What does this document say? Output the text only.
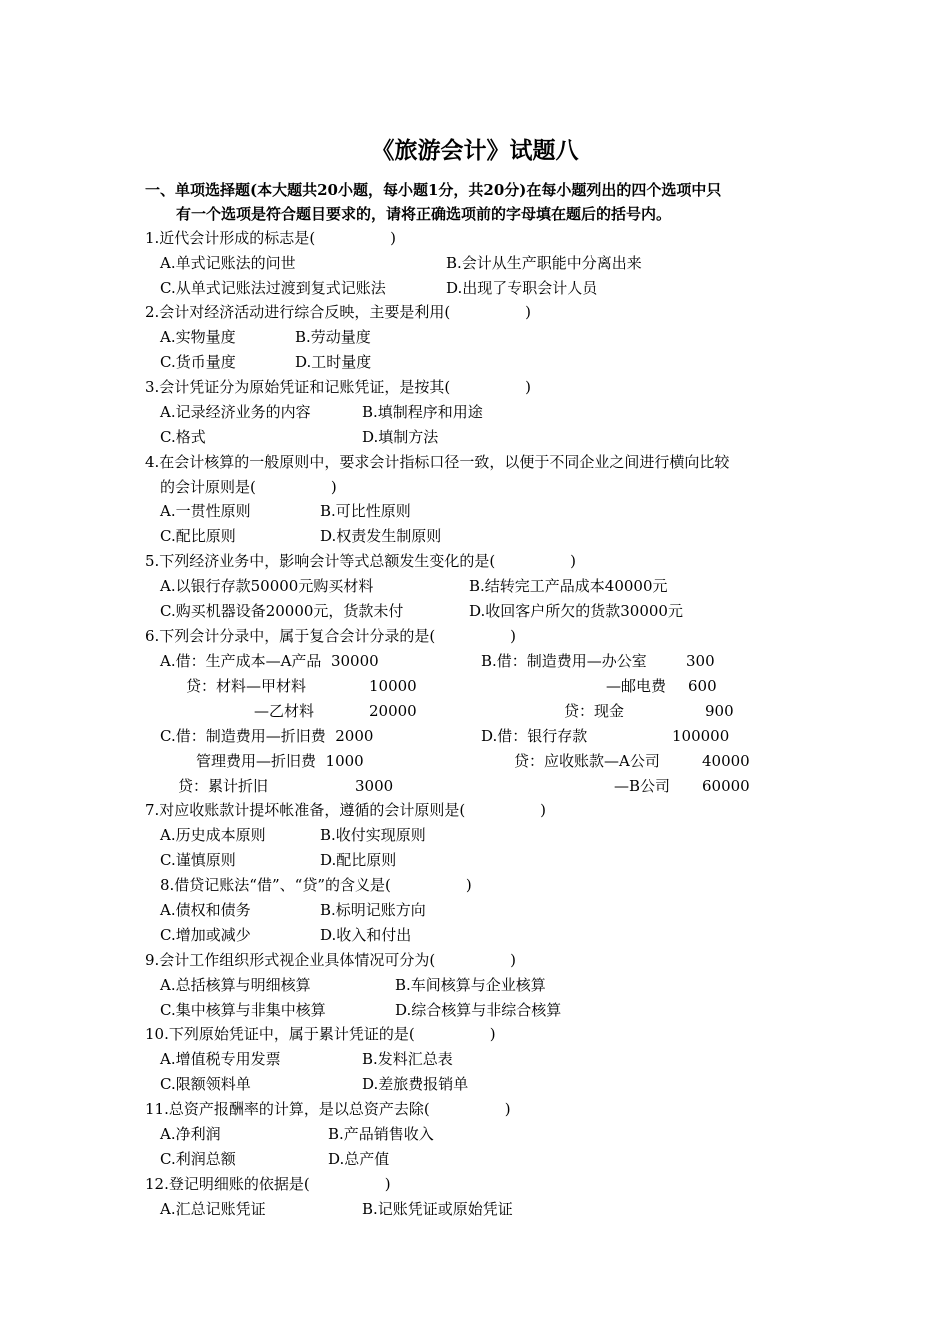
《旅游会计》试题八
一、单项选择题(本大题共20小题，每小题1分，共20分)在每小题列出的四个选项中只
有一个选项是符合题目要求的，请将正确选项前的字母填在题后的括号内。
1.近代会计形成的标志是(　　　　　)
A.单式记账法的问世	B.会计从生产职能中分离出来
C.从单式记账法过渡到复式记账法	D.出现了专职会计人员
2.会计对经济活动进行综合反映，主要是利用(　　　　　)
A.实物量度	B.劳动量度
C.货币量度	D.工时量度
3.会计凭证分为原始凭证和记账凭证，是按其(　　　　　)
A.记录经济业务的内容	B.填制程序和用途
C.格式	D.填制方法
4.在会计核算的一般原则中，要求会计指标口径一致，以便于不同企业之间进行横向比较
的会计原则是(　　　　　)
A.一贯性原则	B.可比性原则
C.配比原则	D.权责发生制原则
5.下列经济业务中，影响会计等式总额发生变化的是(　　　　　)
A.以银行存款50000元购买材料	B.结转完工产品成本40000元
C.购买机器设备20000元，货款未付	D.收回客户所欠的货款30000元
6.下列会计分录中，属于复合会计分录的是(　　　　　)
A.借：生产成本—A产品  30000	B.借：制造费用—办公室	300
贷：材料—甲材料	10000	—邮电费 600
—乙材料	20000	贷：现金	900
C.借：制造费用—折旧费  2000	D.借：银行存款	100000
管理费用—折旧费  1000	贷：应收账款—A公司	40000
贷：累计折旧	3000	—B公司 60000
7.对应收账款计提坏帐准备，遵循的会计原则是(　　　　　)
A.历史成本原则	B.收付实现原则
C.谨慎原则	D.配比原则
8.借贷记账法“借”、“贷”的含义是(　　　　　)
A.债权和债务	B.标明记账方向
C.增加或减少	D.收入和付出
9.会计工作组织形式视企业具体情况可分为(　　　　　)
A.总括核算与明细核算	B.车间核算与企业核算
C.集中核算与非集中核算	D.综合核算与非综合核算
10.下列原始凭证中，属于累计凭证的是(　　　　　)
A.增值税专用发票	B.发料汇总表
C.限额领料单	D.差旅费报销单
11.总资产报酬率的计算，是以总资产去除(　　　　　)
A.净利润	B.产品销售收入
C.利润总额	D.总产值
12.登记明细账的依据是(　　　　　)
A.汇总记账凭证	B.记账凭证或原始凭证
